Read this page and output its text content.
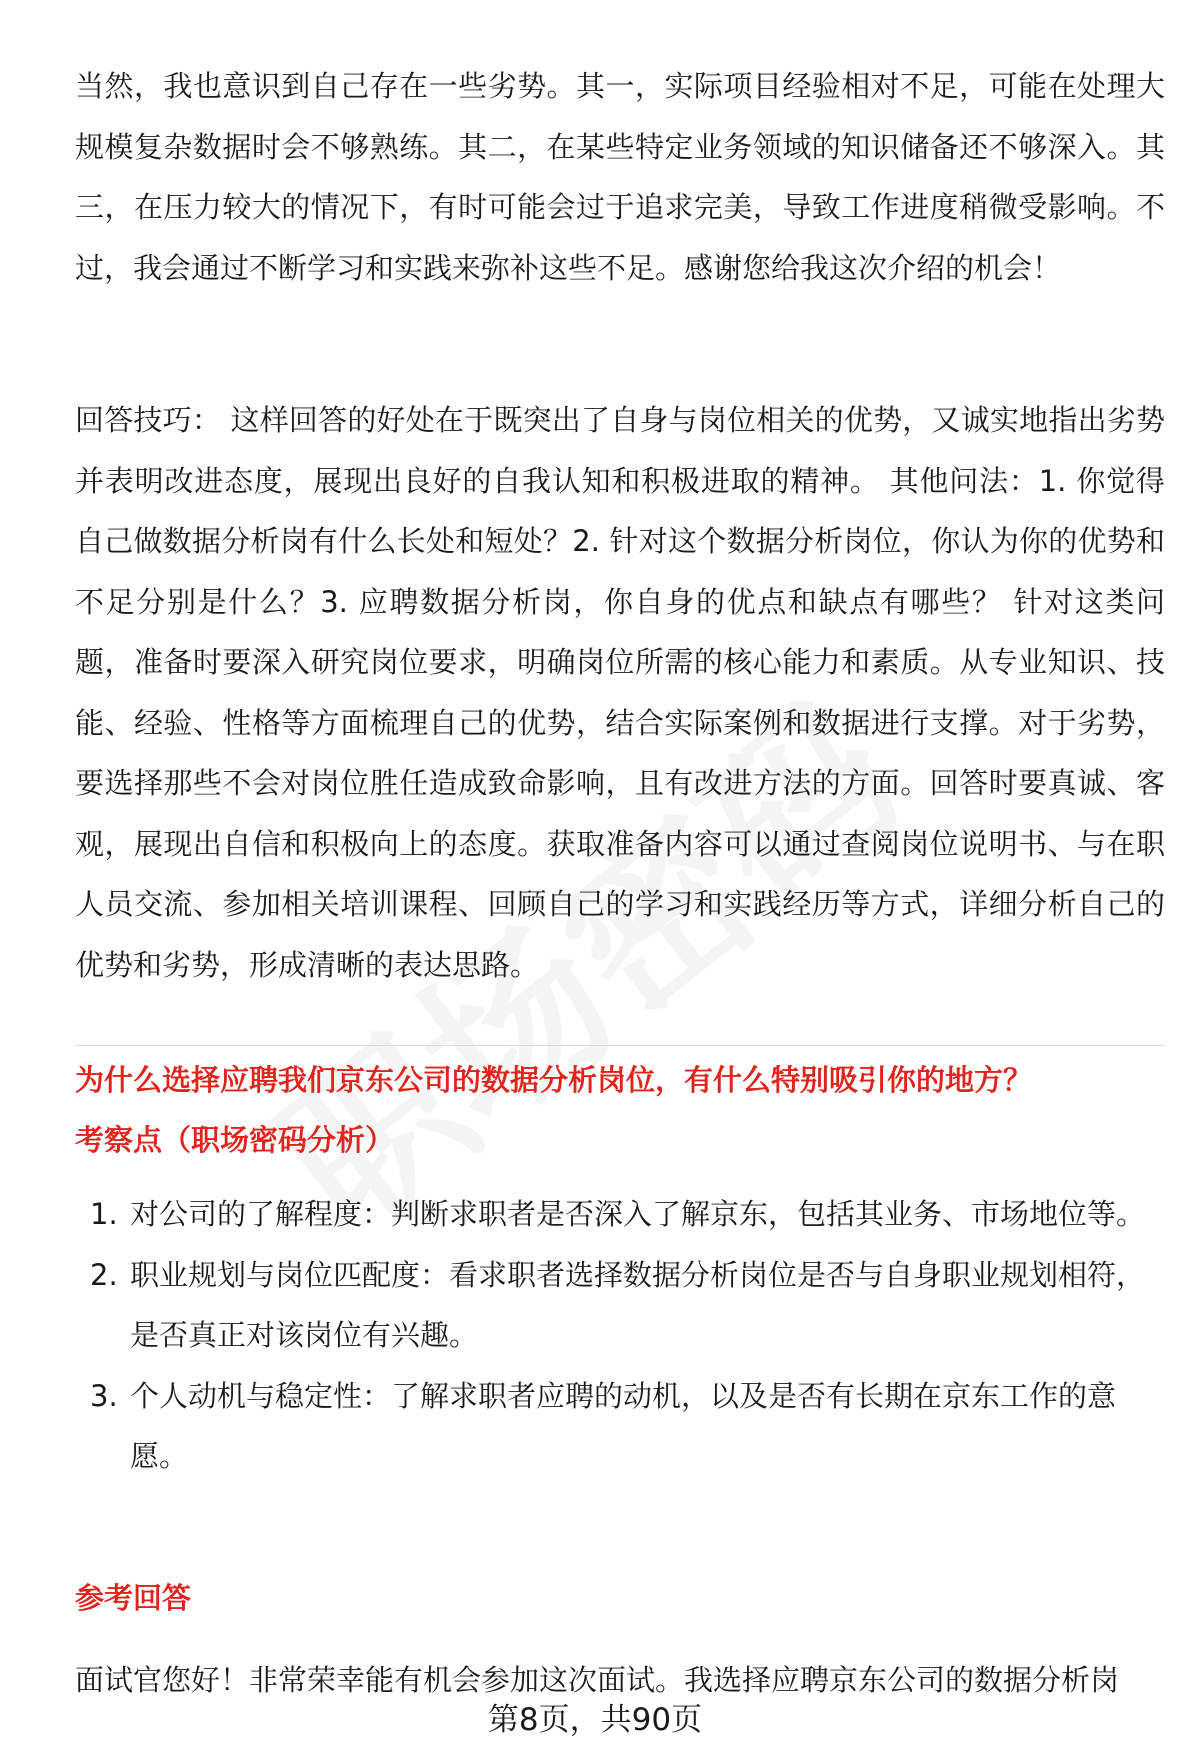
当然，我也意识到自己存在一些劣势。其一，实际项目经验相对不足，可能在处理大规模复杂数据时会不够熟练。其二，在某些特定业务领域的知识储备还不够深入。其三，在压力较大的情况下，有时可能会过于追求完美，导致工作进度稍微受影响。不过，我会通过不断学习和实践来弥补这些不足。感谢您给我这次介绍的机会！

回答技巧： 这样回答的好处在于既突出了自身与岗位相关的优势，又诚实地指出劣势并表明改进态度，展现出良好的自我认知和积极进取的精神。 其他问法：1. 你觉得自己做数据分析岗有什么长处和短处？2. 针对这个数据分析岗位，你认为你的优势和不足分别是什么？3. 应聘数据分析岗，你自身的优点和缺点有哪些？ 针对这类问题，准备时要深入研究岗位要求，明确岗位所需的核心能力和素质。从专业知识、技能、经验、性格等方面梳理自己的优势，结合实际案例和数据进行支撑。对于劣势，要选择那些不会对岗位胜任造成致命影响，且有改进方法的方面。回答时要真诚、客观，展现出自信和积极向上的态度。获取准备内容可以通过查阅岗位说明书、与在职人员交流、参加相关培训课程、回顾自己的学习和实践经历等方式，详细分析自己的优势和劣势，形成清晰的表达思路。

为什么选择应聘我们京东公司的数据分析岗位，有什么特别吸引你的地方？

考察点（职场密码分析）

1. 对公司的了解程度：判断求职者是否深入了解京东，包括其业务、市场地位等。
2. 职业规划与岗位匹配度：看求职者选择数据分析岗位是否与自身职业规划相符，是否真正对该岗位有兴趣。
3. 个人动机与稳定性：了解求职者应聘的动机，以及是否有长期在京东工作的意愿。

参考回答

面试官您好！非常荣幸能有机会参加这次面试。我选择应聘京东公司的数据分析岗

第8页，共90页
